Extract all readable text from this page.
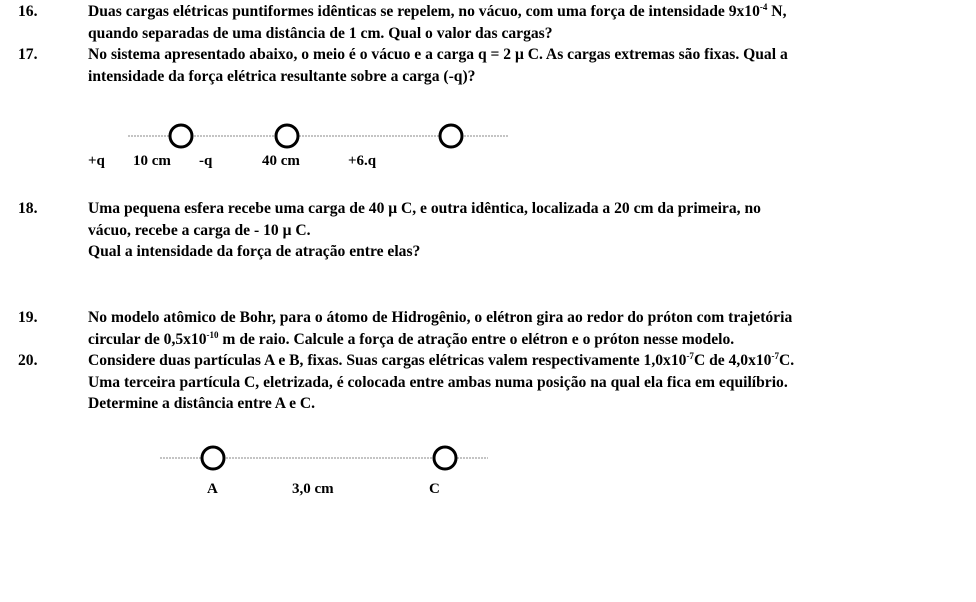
16.	Duas cargas elétricas puntiformes idênticas se repelem, no vácuo, com uma força de intensidade $9x10^{-4}$ N,
quando separadas de uma distância de 1 cm. Qual o valor das cargas?
17.	No sistema apresentado abaixo, o meio é o vácuo e a carga q = 2 μ C. As cargas extremas são fixas. Qual a
intensidade da força elétrica resultante sobre a carga (-q)?
+q 10 cm -q	40 cm	+6.q
18.	Uma pequena esfera recebe uma carga de 40 μ C, e outra idêntica, localizada a 20 cm da primeira, no
vácuo, recebe a carga de - 10 μ C.
Qual a intensidade da força de atração entre elas?
19.	No modelo atômico de Bohr, para o átomo de Hidrogênio, o elétron gira ao redor do próton com trajetória
circular de $0,5x10^{-10}$ m de raio. Calcule a força de atração entre o elétron e o próton nesse modelo.
20.	Considere duas partículas A e B, fixas. Suas cargas elétricas valem respectivamente $1,0x10^{-7}C$ de $4,0x10^{-7}C$.
Uma terceira partícula C, eletrizada, é colocada entre ambas numa posição na qual ela fica em equilíbrio.
Determine a distância entre A e C.
A	3,0 cm	C
